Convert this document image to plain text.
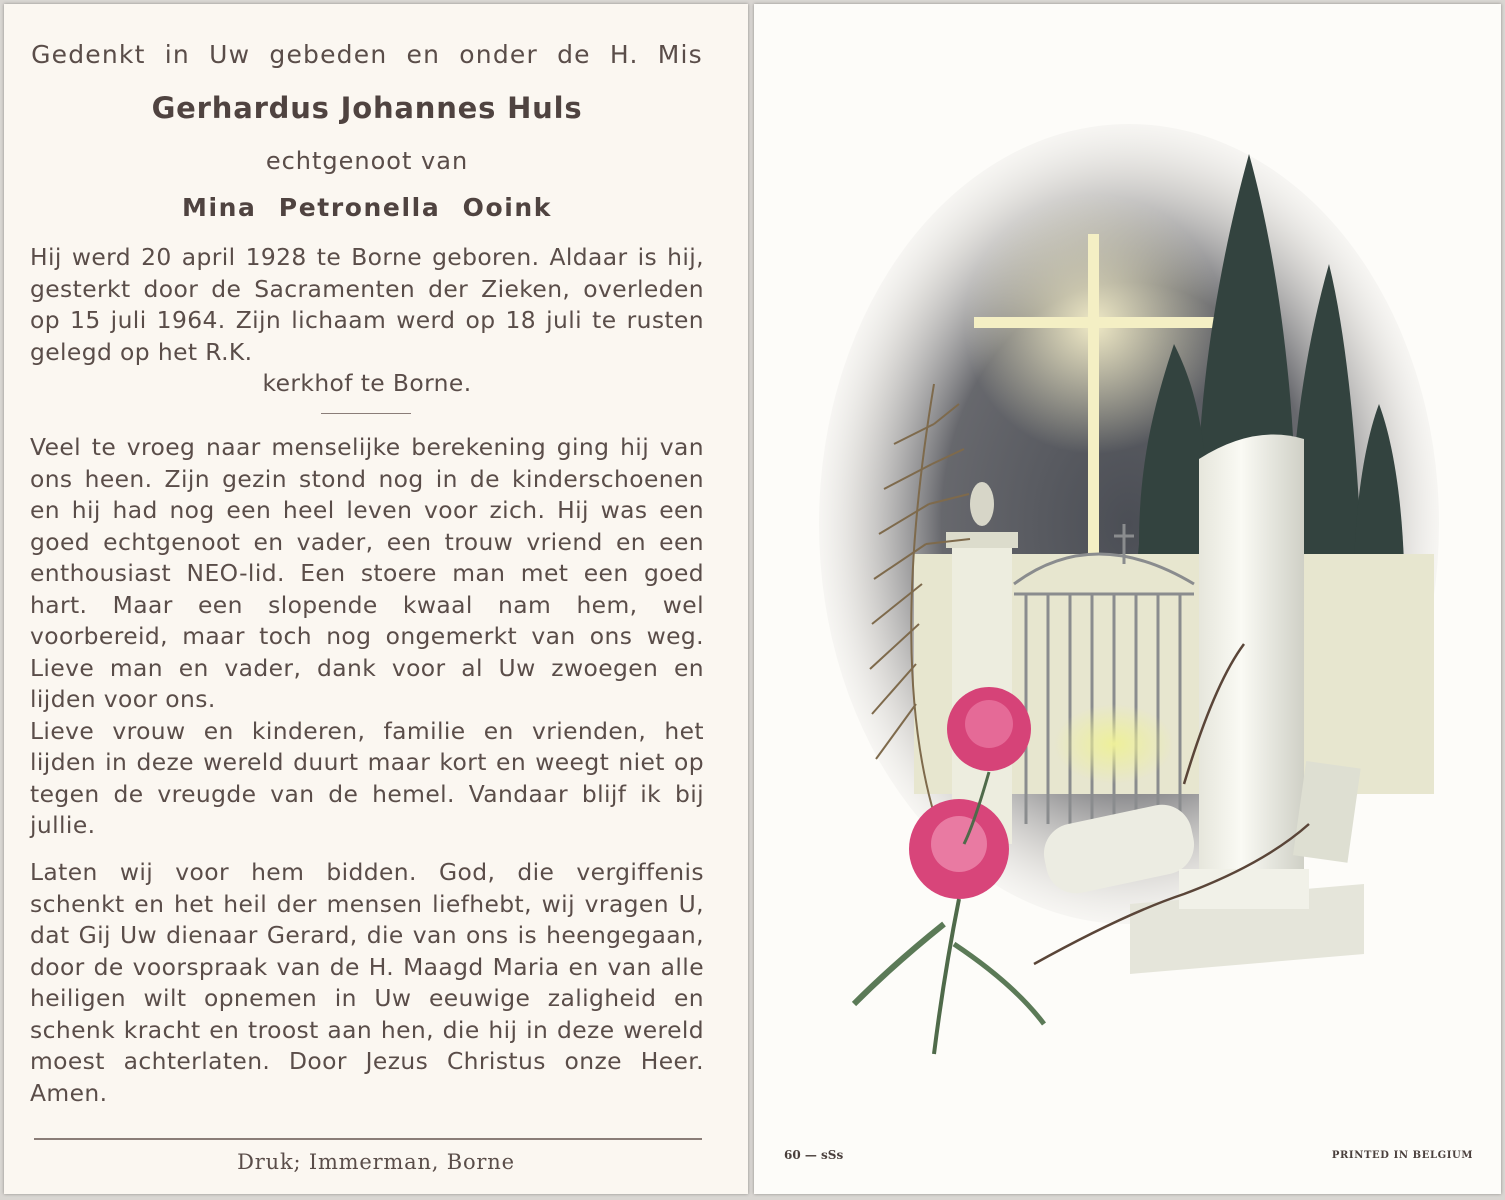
Gedenkt in Uw gebeden en onder de H. Mis
Gerhardus Johannes Huls
echtgenoot van
Mina Petronella Ooink
Hij werd 20 april 1928 te Borne geboren. Aldaar is hij, gesterkt door de Sacramenten der Zieken, overleden op 15 juli 1964. Zijn lichaam werd op 18 juli te rusten gelegd op het R.K.
kerkhof te Borne.
Veel te vroeg naar menselijke berekening ging hij van ons heen. Zijn gezin stond nog in de kinderschoenen en hij had nog een heel leven voor zich. Hij was een goed echtgenoot en vader, een trouw vriend en een enthousiast NEO-lid. Een stoere man met een goed hart. Maar een slopende kwaal nam hem, wel voorbereid, maar toch nog ongemerkt van ons weg. Lieve man en vader, dank voor al Uw zwoegen en lijden voor ons.
Lieve vrouw en kinderen, familie en vrienden, het lijden in deze wereld duurt maar kort en weegt niet op tegen de vreugde van de hemel. Vandaar blijf ik bij jullie.
Laten wij voor hem bidden. God, die vergiffenis schenkt en het heil der mensen liefhebt, wij vragen U, dat Gij Uw dienaar Gerard, die van ons is heengegaan, door de voorspraak van de H. Maagd Maria en van alle heiligen wilt opnemen in Uw eeuwige zaligheid en schenk kracht en troost aan hen, die hij in deze wereld moest achterlaten. Door Jezus Christus onze Heer. Amen.
Druk; Immerman, Borne	60 — sSs	PRINTED IN BELGIUM
